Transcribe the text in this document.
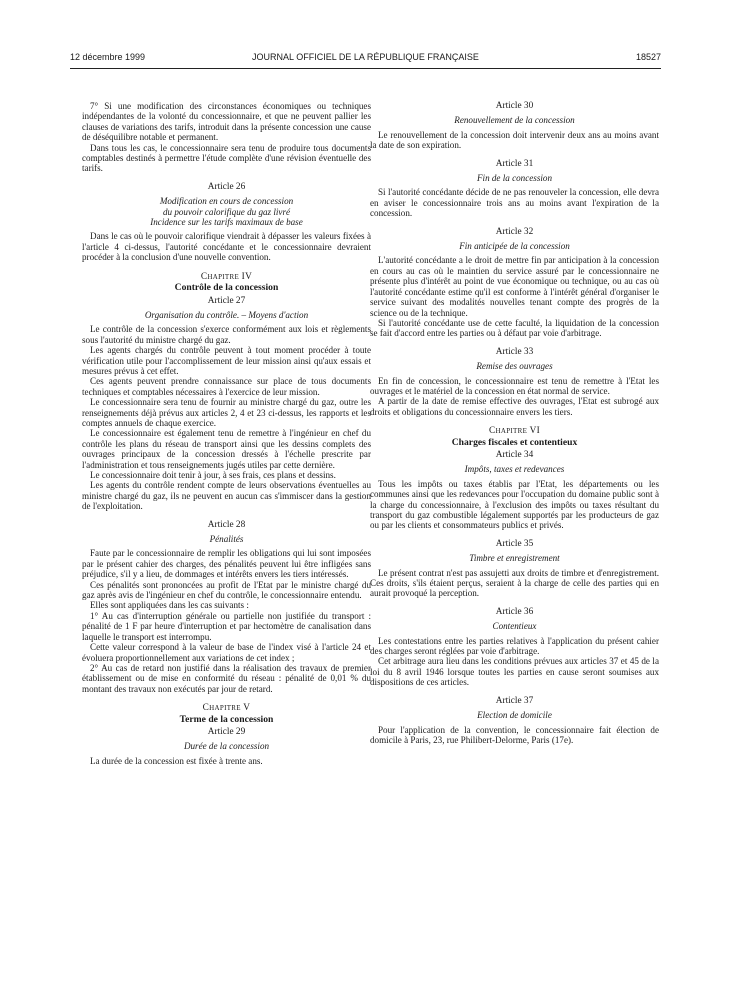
12 décembre 1999	JOURNAL OFFICIEL DE LA RÉPUBLIQUE FRANÇAISE	18527

7° Si une modification des circonstances économiques ou techniques indépendantes de la volonté du concessionnaire, et que ne peuvent pallier les clauses de variations des tarifs, introduit dans la présente concession une cause de déséquilibre notable et permanent.

Dans tous les cas, le concessionnaire sera tenu de produire tous documents comptables destinés à permettre l'étude complète d'une révision éventuelle des tarifs.

Article 26

Modification en cours de concession

du pouvoir calorifique du gaz livré

Incidence sur les tarifs maximaux de base

Dans le cas où le pouvoir calorifique viendrait à dépasser les valeurs fixées à l'article 4 ci-dessus, l'autorité concédante et le concessionnaire devraient procéder à la conclusion d'une nouvelle convention.

Chapitre IV

Contrôle de la concession

Article 27

Organisation du contrôle. – Moyens d'action

Le contrôle de la concession s'exerce conformément aux lois et règlements sous l'autorité du ministre chargé du gaz.

Les agents chargés du contrôle peuvent à tout moment procéder à toute vérification utile pour l'accomplissement de leur mission ainsi qu'aux essais et mesures prévus à cet effet.

Ces agents peuvent prendre connaissance sur place de tous documents techniques et comptables nécessaires à l'exercice de leur mission.

Le concessionnaire sera tenu de fournir au ministre chargé du gaz, outre les renseignements déjà prévus aux articles 2, 4 et 23 ci-dessus, les rapports et les comptes annuels de chaque exercice.

Le concessionnaire est également tenu de remettre à l'ingénieur en chef du contrôle les plans du réseau de transport ainsi que les dessins complets des ouvrages principaux de la concession dressés à l'échelle prescrite par l'administration et tous renseignements jugés utiles par cette dernière.

Le concessionnaire doit tenir à jour, à ses frais, ces plans et dessins.

Les agents du contrôle rendent compte de leurs observations éventuelles au ministre chargé du gaz, ils ne peuvent en aucun cas s'immiscer dans la gestion de l'exploitation.

Article 28

Pénalités

Faute par le concessionnaire de remplir les obligations qui lui sont imposées par le présent cahier des charges, des pénalités peuvent lui être infligées sans préjudice, s'il y a lieu, de dommages et intérêts envers les tiers intéressés.

Ces pénalités sont prononcées au profit de l'Etat par le ministre chargé du gaz après avis de l'ingénieur en chef du contrôle, le concessionnaire entendu.

Elles sont appliquées dans les cas suivants :

1° Au cas d'interruption générale ou partielle non justifiée du transport : pénalité de 1 F par heure d'interruption et par hectomètre de canalisation dans laquelle le transport est interrompu.

Cette valeur correspond à la valeur de base de l'index visé à l'article 24 et évoluera proportionnellement aux variations de cet index ;

2° Au cas de retard non justifié dans la réalisation des travaux de premier établissement ou de mise en conformité du réseau : pénalité de 0,01 % du montant des travaux non exécutés par jour de retard.

Chapitre V

Terme de la concession

Article 29

Durée de la concession

La durée de la concession est fixée à trente ans.

Article 30

Renouvellement de la concession

Le renouvellement de la concession doit intervenir deux ans au moins avant la date de son expiration.

Article 31

Fin de la concession

Si l'autorité concédante décide de ne pas renouveler la concession, elle devra en aviser le concessionnaire trois ans au moins avant l'expiration de la concession.

Article 32

Fin anticipée de la concession

L'autorité concédante a le droit de mettre fin par anticipation à la concession en cours au cas où le maintien du service assuré par le concessionnaire ne présente plus d'intérêt au point de vue économique ou technique, ou au cas où l'autorité concédante estime qu'il est conforme à l'intérêt général d'organiser le service suivant des modalités nouvelles tenant compte des progrès de la science ou de la technique.

Si l'autorité concédante use de cette faculté, la liquidation de la concession se fait d'accord entre les parties ou à défaut par voie d'arbitrage.

Article 33

Remise des ouvrages

En fin de concession, le concessionnaire est tenu de remettre à l'Etat les ouvrages et le matériel de la concession en état normal de service.

A partir de la date de remise effective des ouvrages, l'Etat est subrogé aux droits et obligations du concessionnaire envers les tiers.

Chapitre VI

Charges fiscales et contentieux

Article 34

Impôts, taxes et redevances

Tous les impôts ou taxes établis par l'Etat, les départements ou les communes ainsi que les redevances pour l'occupation du domaine public sont à la charge du concessionnaire, à l'exclusion des impôts ou taxes résultant du transport du gaz combustible légalement supportés par les producteurs de gaz ou par les clients et consommateurs publics et privés.

Article 35

Timbre et enregistrement

Le présent contrat n'est pas assujetti aux droits de timbre et d'enregistrement. Ces droits, s'ils étaient perçus, seraient à la charge de celle des parties qui en aurait provoqué la perception.

Article 36

Contentieux

Les contestations entre les parties relatives à l'application du présent cahier des charges seront réglées par voie d'arbitrage.

Cet arbitrage aura lieu dans les conditions prévues aux articles 37 et 45 de la loi du 8 avril 1946 lorsque toutes les parties en cause seront soumises aux dispositions de ces articles.

Article 37

Election de domicile

Pour l'application de la convention, le concessionnaire fait élection de domicile à Paris, 23, rue Philibert-Delorme, Paris (17e).
